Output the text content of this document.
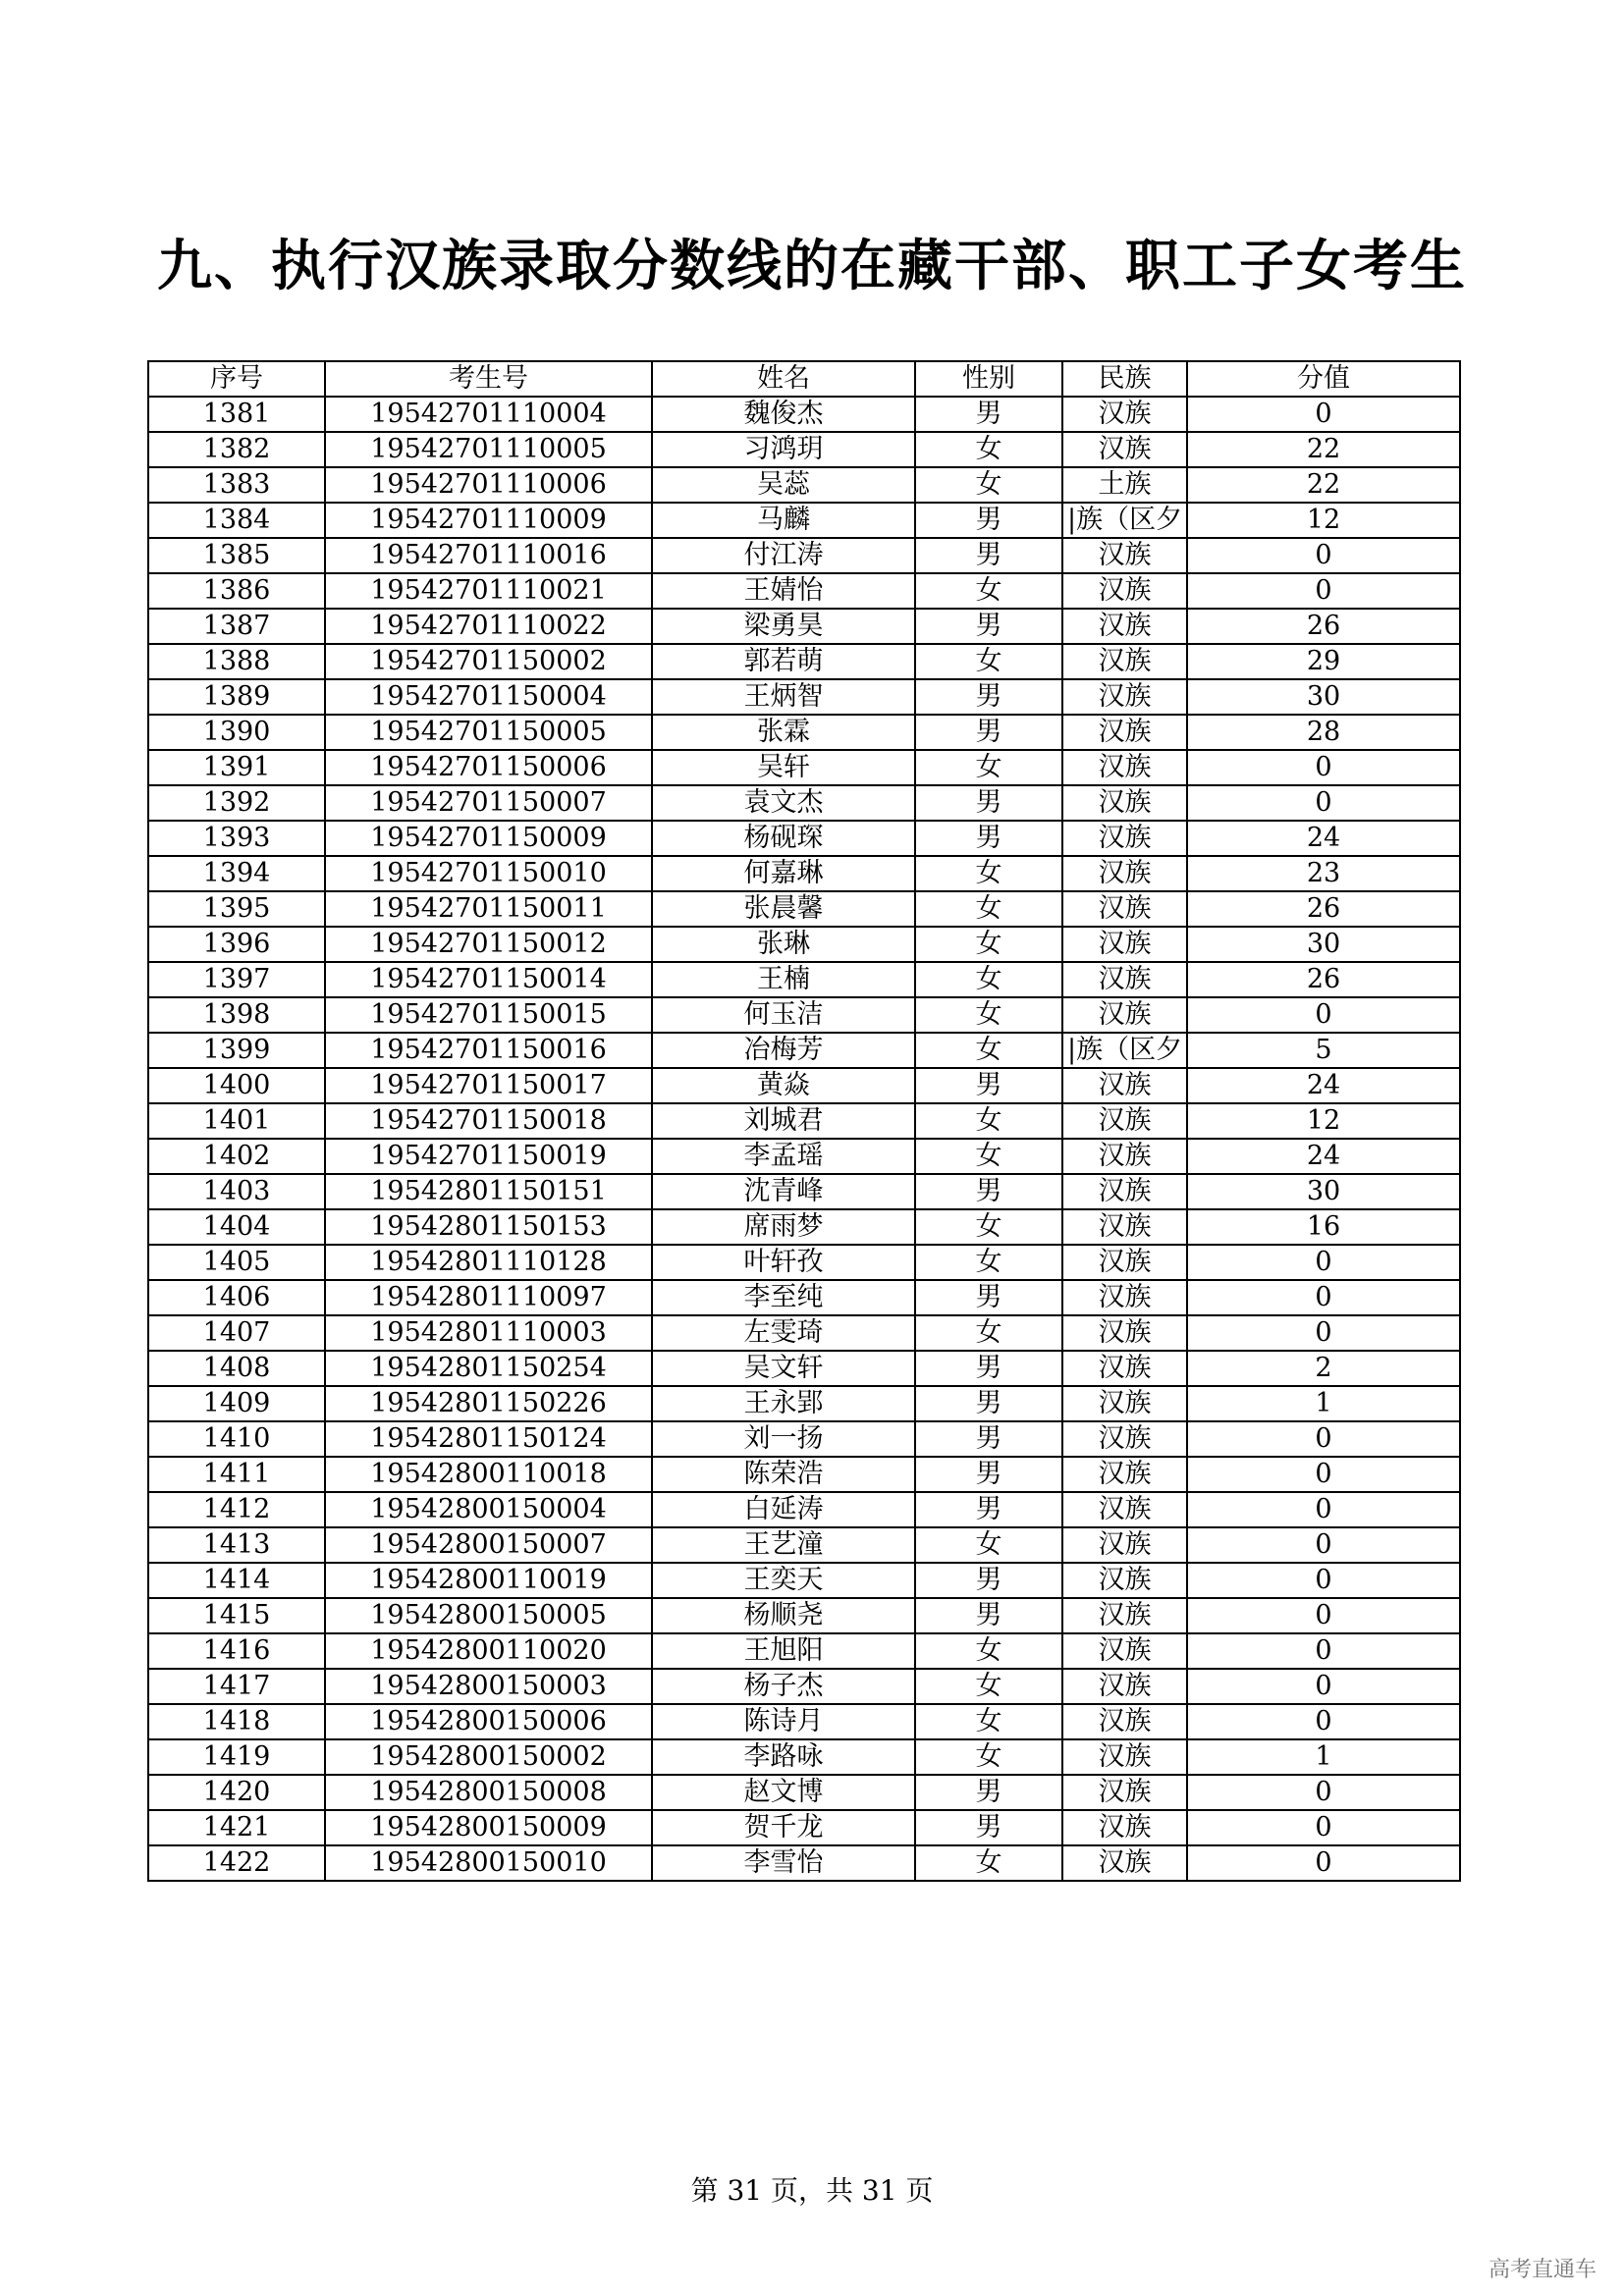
九、执行汉族录取分数线的在藏干部、职工子女考生
序号	考生号	姓名	性别	民族	分值
1381	19542701110004	魏俊杰	男	汉族	0
1382	19542701110005	习鸿玥	女	汉族	22
1383	19542701110006	吴蕊	女	土族	22
1384	19542701110009	马麟	男	|族（区夕	12
1385	19542701110016	付江涛	男	汉族	0
1386	19542701110021	王婧怡	女	汉族	0
1387	19542701110022	梁勇昊	男	汉族	26
1388	19542701150002	郭若萌	女	汉族	29
1389	19542701150004	王炳智	男	汉族	30
1390	19542701150005	张霖	男	汉族	28
1391	19542701150006	吴轩	女	汉族	0
1392	19542701150007	袁文杰	男	汉族	0
1393	19542701150009	杨砚琛	男	汉族	24
1394	19542701150010	何嘉琳	女	汉族	23
1395	19542701150011	张晨馨	女	汉族	26
1396	19542701150012	张琳	女	汉族	30
1397	19542701150014	王楠	女	汉族	26
1398	19542701150015	何玉洁	女	汉族	0
1399	19542701150016	冶梅芳	女	|族（区夕	5
1400	19542701150017	黄焱	男	汉族	24
1401	19542701150018	刘城君	女	汉族	12
1402	19542701150019	李孟瑶	女	汉族	24
1403	19542801150151	沈青峰	男	汉族	30
1404	19542801150153	席雨梦	女	汉族	16
1405	19542801110128	叶轩孜	女	汉族	0
1406	19542801110097	李至纯	男	汉族	0
1407	19542801110003	左雯琦	女	汉族	0
1408	19542801150254	吴文轩	男	汉族	2
1409	19542801150226	王永郢	男	汉族	1
1410	19542801150124	刘一扬	男	汉族	0
1411	19542800110018	陈荣浩	男	汉族	0
1412	19542800150004	白延涛	男	汉族	0
1413	19542800150007	王艺潼	女	汉族	0
1414	19542800110019	王奕天	男	汉族	0
1415	19542800150005	杨顺尧	男	汉族	0
1416	19542800110020	王旭阳	女	汉族	0
1417	19542800150003	杨子杰	女	汉族	0
1418	19542800150006	陈诗月	女	汉族	0
1419	19542800150002	李路咏	女	汉族	1
1420	19542800150008	赵文博	男	汉族	0
1421	19542800150009	贺千龙	男	汉族	0
1422	19542800150010	李雪怡	女	汉族	0
第 31 页，共 31 页
高考直通车
